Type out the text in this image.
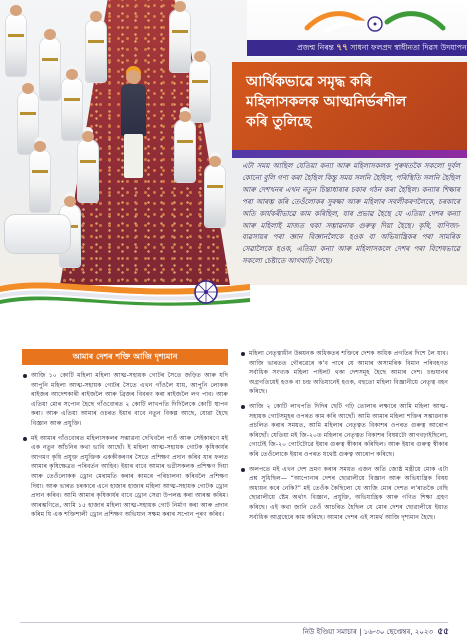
প্ৰজন্ম নিৰন্ত ৭৭ সাধনা ফলপ্ৰদ স্বাধীনতা দিৱস উদযাপন
আৰ্থিকভাৱে সমৃদ্ধ কৰি
মহিলাসকলক আত্মনিৰ্ভৰশীল
কৰি তুলিছে

এটা সময় আছিল যেতিয়া কন্যা আৰু মহিলাসকলক পুৰুষতকৈ সকলো দুৰ্বল কোনো বুলি গণ্য কৰা হৈছিল কিন্তু সময় সলনি হৈছিল, পৰিস্থিতি সলনি হৈছিল আৰু দেশখনৰ এখন নতুন চিন্তাধাৰাৰ চকাৰ গঠন কৰা হৈছিল। কন্যাৰ শিক্ষাৰ পৰা আৰম্ভ কৰি তেওঁলোকৰ সুৰক্ষা আৰু মহিলাৰ সবলীকৰণলৈকে, চৰকাৰে অতি কাৰ্যকৰীভাৱে কাম কৰিছিল, যাৰ প্ৰভাৱ হৈছে যে এতিয়া দেশৰ কন্যা আৰু মহিলাই মাজত থকা সম্ভাৱনাক গুৰুত্ব দিয়া হৈছে। কৃষি, বাণিজ্য-ব্যৱসায়ৰ পৰা জ্ঞান বিজ্ঞানলৈকে হওক বা অভিযান্ত্ৰিকৰ পৰা সামৰিক সেৱালৈকে হওক, এতিয়া কন্যা আৰু মহিলাসকলে দেশৰ পৰা বিশেষভাৱে সকলো চেষ্টাতে আগবাঢ়ি গৈছে।

আমাৰ দেশৰ শক্তি আজি দৃশ্যমান

আজি ১০ কোটি মহিলা মহিলা আত্ম-সহায়ক গোটৰ সৈতে জড়িত আৰু যদি আপুনি মহিলা আত্ম-সহায়ক গোটৰ সৈতে এখন গাঁওলৈ যায়, আপুনি লোকক ৰাইজৰ আদেশকাৰী ৰাইজলৈ আৰু ব্ৰিজৰ বিবৰণ কৰা ৰাইজলৈ লগ পাব। আৰু এতিয়া মোৰ সপোন হৈছে গাঁওবোৰত ২ কোটি লাখপতি দিদিলৈকে কোটি স্থাপন কৰা। আৰু এতিয়া আমাৰ ওচৰত ইয়াৰ বাবে নতুন বিকল্প আছে, যোৱা হৈছে বিজ্ঞান আৰু প্ৰযুক্তি।

মই আমাৰ গাঁওবোৰত মহিলাসকলৰ সম্ভাৱনা দেখিবলৈ পাওঁ আৰু সেইকাৰণে মই এক নতুন আঁচনিৰ কথা ভাবি আছোঁ। ই মহিলা আত্ম-সহায়ক গোটক কৃষিকাৰ্যৰ আগমণ কৃষি প্ৰযুক্ত প্ৰযুক্তিক এককীকৰণৰ সৈতে প্ৰশিক্ষণ প্ৰদান কৰিব যাৰ ফলত আমাৰ কৃষিক্ষেত্ৰত পৰিবৰ্তন আহিব। ইয়াৰ বাবে আমাৰ ভগ্নীসকলক প্ৰশিক্ষণ দিয়া আৰু তেওঁলোকক ড্ৰোন মেৰামতি কৰাৰ কামৰে পৰিচালনা কৰিবলৈ প্ৰশিক্ষণ দিয়া। আৰু ভাৰত চৰকাৰে এনে হাজাৰ হাজাৰ মহিলা আত্ম-সহায়ক গোটক ড্ৰোন প্ৰদান কৰিব। আমি আমাৰ কৃষিকাৰ্যৰ বাবে ড্ৰোন সেৱা উপলব্ধ কৰা আৰম্ভ কৰিম। আৰম্ভণিতে, আমি ১৫ হাজাৰ মহিলা আত্ম-সহায়ক গোট নিৰ্মাণ কৰা আৰু প্ৰদান কৰিম যি এক শক্তিশালী ড্ৰোন প্ৰশিক্ষণ অভিযান সক্ষম কৰাৰ সপোন পূৰণ কৰিব।

মহিলা নেতৃত্বাধীন উন্নয়নক অধিকতৰ শক্তিৰে দেশক অধিক প্ৰগতিৰ দিশে লৈ যাব। আজি ভাৰতত গৌৰৱেৰে ক’ব পাৰে যে আমাৰ অসামৰিক বিমান পৰিবহণত সৰ্বাধিক সংখ্যক মহিলা পাইলট থকা দেশসমূহ হৈছে আমাৰ দেশ। চন্দ্ৰযানৰ অগ্ৰগতিয়েই হওক বা চন্দ্ৰ অভিযানেই হওক, বহুতো মহিলা বিজ্ঞানীয়ে নেতৃত্ব বহন কৰিছে।

আজি ২ কোটি লাখপতি দিদিৰ ছেটি গঢ়ি তোলাৰ লক্ষ্যৰে আমি মহিলা আত্ম-সহায়ক গোটসমূহৰ ওপৰত কাম কৰি আছোঁ। আমি আমাৰ মহিলা শক্তিৰ সম্ভাৱনাক প্ৰচলিত কৰাৰ সময়ত, আমি মহিলাৰ নেতৃত্বত বিকাশৰ ওপৰত গুৰুত্ব আৰোপ কৰিছোঁ। যেতিয়া মই জি-২০ত মহিলাৰ নেতৃত্বত বিকাশৰ বিষয়টো আগবঢ়াইছিলো, গোটেই জি-২০ গোটটোৱে ইয়াৰ গুৰুত্ব স্বীকাৰ কৰিছিল। আৰু ইয়াৰ গুৰুত্ব স্বীকাৰ কৰি তেওঁলোকে ইয়াৰ ওপৰত যথেষ্ট গুৰুত্ব আৰোপ কৰিছে।

অলপতে মই এখন দেশ ভ্ৰমণ কৰাৰ সময়ত এজন অতি জ্যেষ্ঠ মন্ত্ৰীয়ে মোক এটা প্ৰশ্ন সুধিছিল— “আপোনাৰ দেশৰ ছোৱালীয়ে বিজ্ঞান আৰু অভিযান্ত্ৰিক বিষয় অধ্যয়ন কৰে নেকি?” মই তেওঁক কৈছিলো যে আজি মোৰ দেশত ল’ৰাতকৈ বেছি ছোৱালীয়ে ষ্টেম অৰ্থাৎ বিজ্ঞান, প্ৰযুক্তি, অভিযান্ত্ৰিক আৰু গণিত শিক্ষা গ্ৰহণ কৰিছে। এই কথা জানি তেওঁ আচৰিত হৈছিল যে মোৰ দেশৰ ছোৱালীয়ে ইয়াত সৰ্বাধিক আগ্ৰহেৰে কাম কৰিছে। আমাৰ দেশৰ এই সামৰ্থ আজি দৃশ্যমান হৈছে।

নিউ ইণ্ডিয়া সমাচাৰ | ১৬-৩০ ছেপ্তেম্বৰ, ২০২৩ ৫৫
